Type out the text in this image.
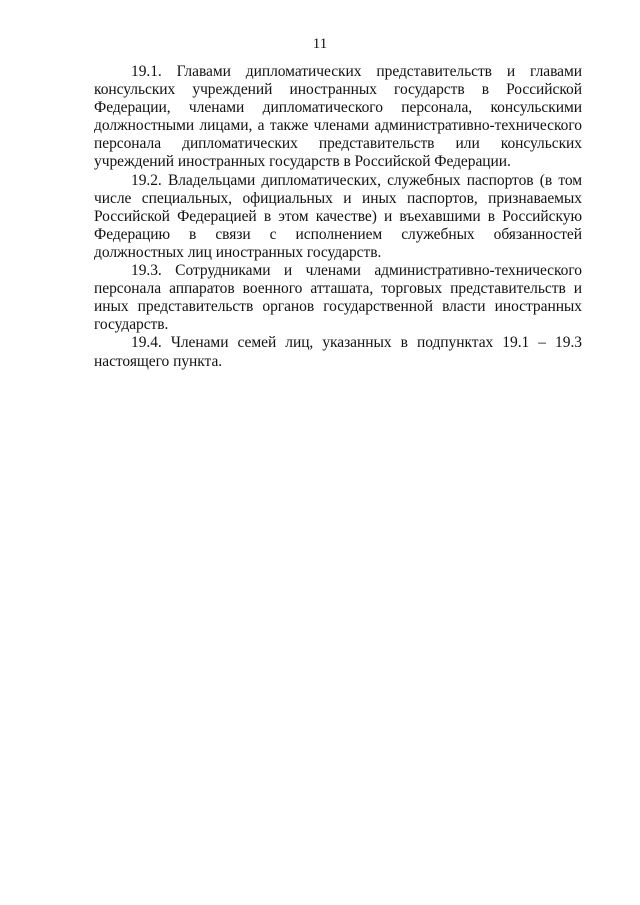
11

19.1. Главами дипломатических представительств и главами консульских учреждений иностранных государств в Российской Федерации, членами дипломатического персонала, консульскими должностными лицами, а также членами административно-технического персонала дипломатических представительств или консульских учреждений иностранных государств в Российской Федерации.

19.2. Владельцами дипломатических, служебных паспортов (в том числе специальных, официальных и иных паспортов, признаваемых Российской Федерацией в этом качестве) и въехавшими в Российскую Федерацию в связи с исполнением служебных обязанностей должностных лиц иностранных государств.

19.3. Сотрудниками и членами административно-технического персонала аппаратов военного атташата, торговых представительств и иных представительств органов государственной власти иностранных государств.

19.4. Членами семей лиц, указанных в подпунктах 19.1 – 19.3 настоящего пункта.
